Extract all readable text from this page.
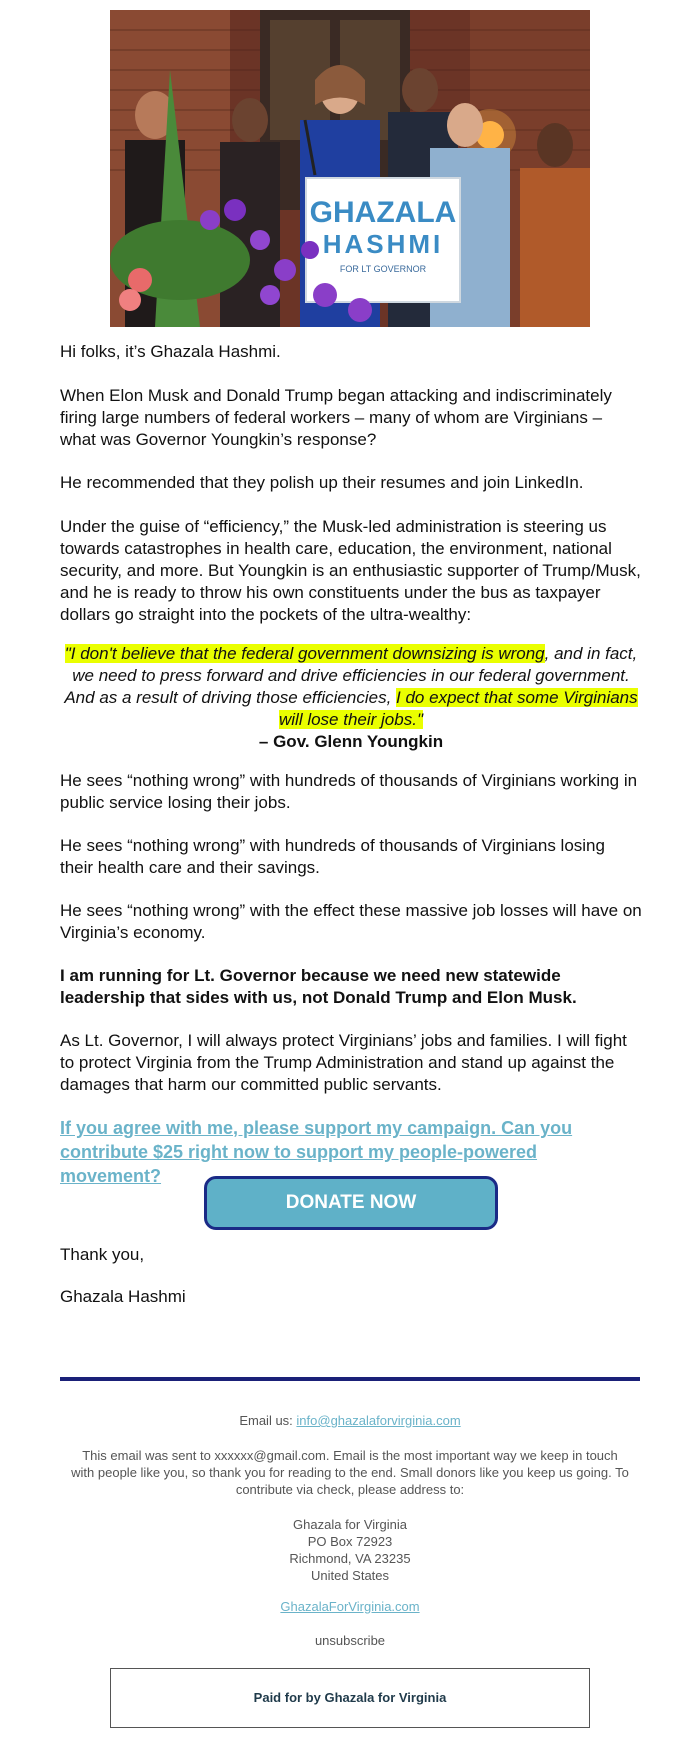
GHAZALA
HASHMI
FOR LT GOVERNOR

Hi folks, it’s Ghazala Hashmi.

When Elon Musk and Donald Trump began attacking and indiscriminately firing large numbers of federal workers – many of whom are Virginians – what was Governor Youngkin’s response?

He recommended that they polish up their resumes and join LinkedIn.

Under the guise of “efficiency,” the Musk-led administration is steering us towards catastrophes in health care, education, the environment, national security, and more. But Youngkin is an enthusiastic supporter of Trump/Musk, and he is ready to throw his own constituents under the bus as taxpayer dollars go straight into the pockets of the ultra-wealthy:

"I don't believe that the federal government downsizing is wrong, and in fact, we need to press forward and drive efficiencies in our federal government. And as a result of driving those efficiencies, I do expect that some Virginians will lose their jobs."
– Gov. Glenn Youngkin

He sees “nothing wrong” with hundreds of thousands of Virginians working in public service losing their jobs.

He sees “nothing wrong” with hundreds of thousands of Virginians losing their health care and their savings.

He sees “nothing wrong” with the effect these massive job losses will have on Virginia’s economy.

I am running for Lt. Governor because we need new statewide leadership that sides with us, not Donald Trump and Elon Musk.

As Lt. Governor, I will always protect Virginians’ jobs and families. I will fight to protect Virginia from the Trump Administration and stand up against the damages that harm our committed public servants.

If you agree with me, please support my campaign. Can you contribute $25 right now to support my people-powered movement?
DONATE NOW

Thank you,

Ghazala Hashmi

Email us: info@ghazalaforvirginia.com

This email was sent to xxxxxx@gmail.com. Email is the most important way we keep in touch with people like you, so thank you for reading to the end. Small donors like you keep us going. To contribute via check, please address to:

Ghazala for Virginia

PO Box 72923

Richmond, VA 23235

United States

GhazalaForVirginia.com

unsubscribe

Paid for by Ghazala for Virginia
